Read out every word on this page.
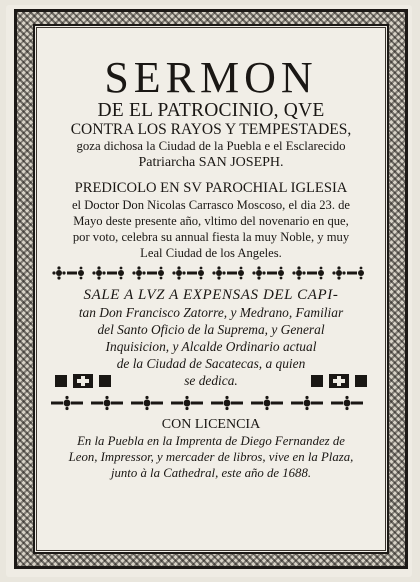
SERMON
DE EL PATROCINIO, QVE
CONTRA LOS RAYOS Y TEMPESTADES,
goza dichosa la Ciudad de la Puebla e el Esclarecido
Patriarcha SAN JOSEPH.
PREDICOLO EN SV PAROCHIAL IGLESIA
el Doctor Don Nicolas Carrasco Moscoso, el dia 23. de
Mayo deste presente año, vltimo del novenario en que,
por voto, celebra su annual fiesta la muy Noble, y muy
Leal Ciudad de los Angeles.
SALE A LVZ A EXPENSAS DEL CAPI-
tan Don Francisco Zatorre, y Medrano, Familiar
del Santo Oficio de la Suprema, y General
Inquisicion, y Alcalde Ordinario actual
de la Ciudad de Sacatecas, a quien
se dedica.
CON LICENCIA
En la Puebla en la Imprenta de Diego Fernandez de
Leon, Impressor, y mercader de libros, vive en la Plaza,
junto à la Cathedral, este año de 1688.
